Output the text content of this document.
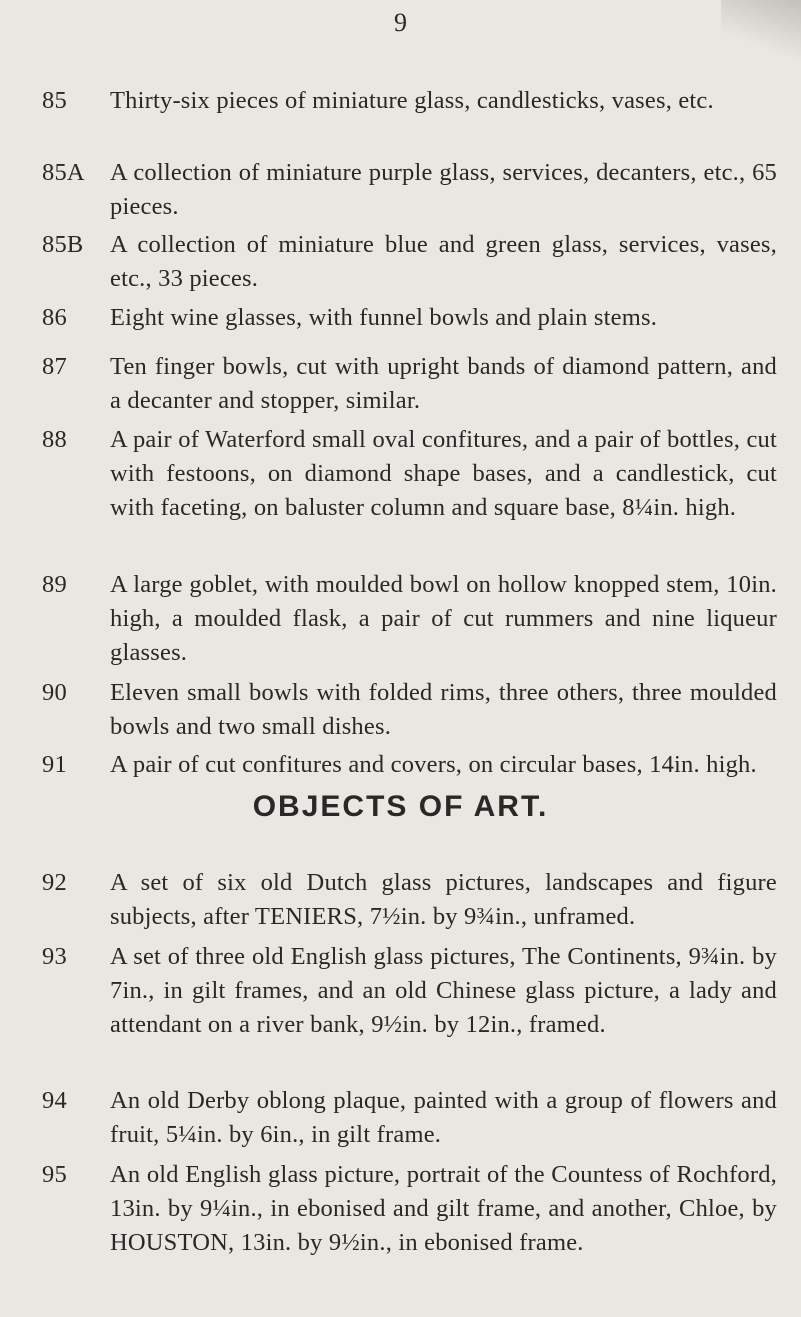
9
85 Thirty-six pieces of miniature glass, candlesticks, vases, etc.
85A A collection of miniature purple glass, services, decanters, etc., 65 pieces.
85B A collection of miniature blue and green glass, services, vases, etc., 33 pieces.
86 Eight wine glasses, with funnel bowls and plain stems.
87 Ten finger bowls, cut with upright bands of diamond pattern, and a decanter and stopper, similar.
88 A pair of Waterford small oval confitures, and a pair of bottles, cut with festoons, on diamond shape bases, and a candlestick, cut with faceting, on baluster column and square base, 8¼in. high.
89 A large goblet, with moulded bowl on hollow knopped stem, 10in. high, a moulded flask, a pair of cut rummers and nine liqueur glasses.
90 Eleven small bowls with folded rims, three others, three moulded bowls and two small dishes.
91 A pair of cut confitures and covers, on circular bases, 14in. high.
OBJECTS OF ART.
92 A set of six old Dutch glass pictures, landscapes and figure subjects, after TENIERS, 7½in. by 9¾in., unframed.
93 A set of three old English glass pictures, The Continents, 9¾in. by 7in., in gilt frames, and an old Chinese glass picture, a lady and attendant on a river bank, 9½in. by 12in., framed.
94 An old Derby oblong plaque, painted with a group of flowers and fruit, 5¼in. by 6in., in gilt frame.
95 An old English glass picture, portrait of the Countess of Rochford, 13in. by 9¼in., in ebonised and gilt frame, and another, Chloe, by HOUSTON, 13in. by 9½in., in ebonised frame.
